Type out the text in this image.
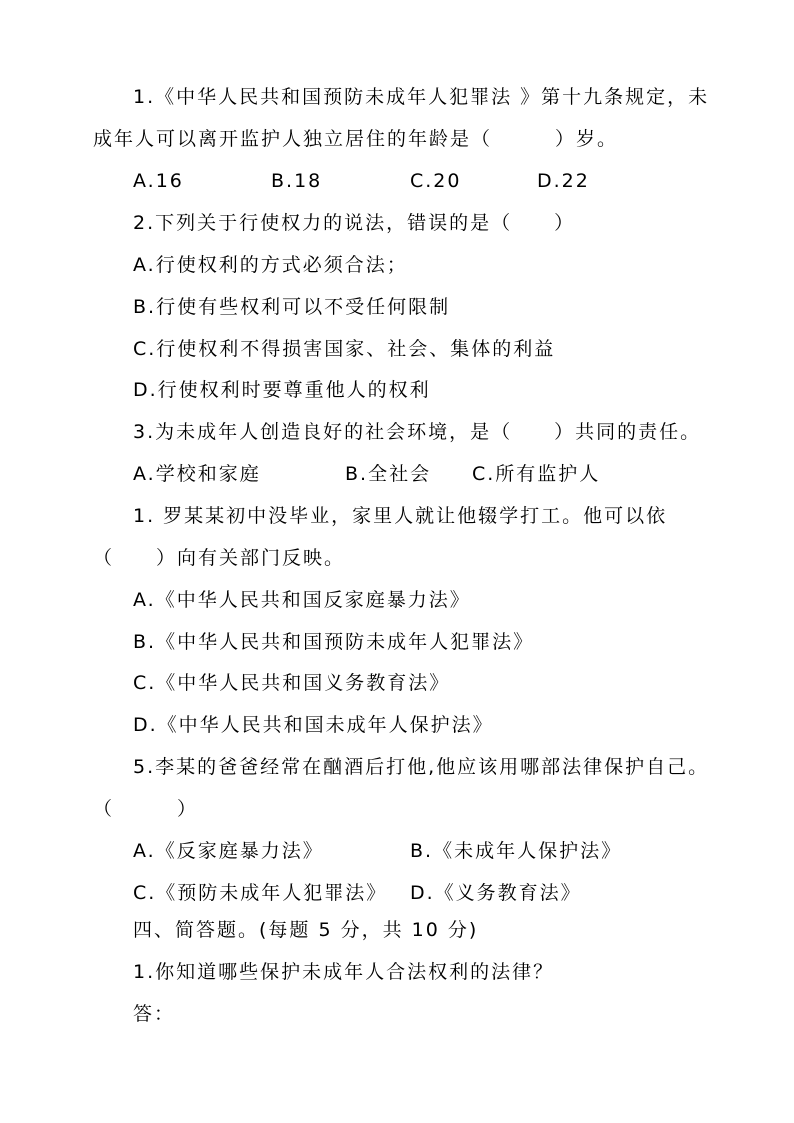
1.《中华人民共和国预防未成年人犯罪法 》第十九条规定，未
成年人可以离开监护人独立居住的年龄是（　　　）岁。
A.16	B.18	C.20	D.22
2.下列关于行使权力的说法，错误的是（　　）
A.行使权利的方式必须合法；
B.行使有些权利可以不受任何限制
C.行使权利不得损害国家、社会、集体的利益
D.行使权利时要尊重他人的权利
3.为未成年人创造良好的社会环境，是（　　）共同的责任。
A.学校和家庭	B.全社会 C.所有监护人
1. 罗某某初中没毕业，家里人就让他辍学打工。他可以依
（　　）向有关部门反映。
A.《中华人民共和国反家庭暴力法》
B.《中华人民共和国预防未成年人犯罪法》
C.《中华人民共和国义务教育法》
D.《中华人民共和国未成年人保护法》
5.李某的爸爸经常在酗酒后打他,他应该用哪部法律保护自己。
（　　　）
A.《反家庭暴力法》	B.《未成年人保护法》
C.《预防未成年人犯罪法》 D.《义务教育法》
四、简答题。(每题 5 分，共 10 分)
1.你知道哪些保护未成年人合法权利的法律？
答：
